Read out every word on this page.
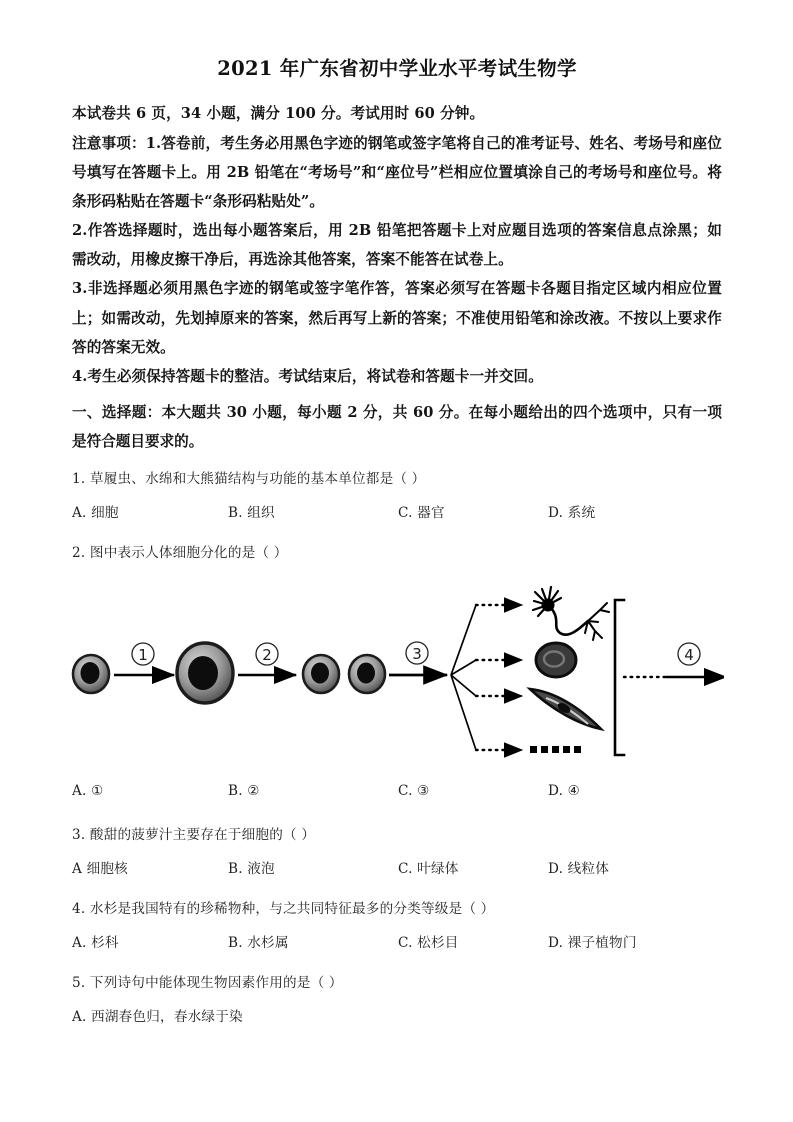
2021 年广东省初中学业水平考试生物学

本试卷共 6 页，34 小题，满分 100 分。考试用时 60 分钟。

注意事项：1.答卷前，考生务必用黑色字迹的钢笔或签字笔将自己的准考证号、姓名、考场号和座位号填写在答题卡上。用 2B 铅笔在“考场号”和“座位号”栏相应位置填涂自己的考场号和座位号。将条形码粘贴在答题卡“条形码粘贴处”。

2.作答选择题时，选出每小题答案后，用 2B 铅笔把答题卡上对应题目选项的答案信息点涂黑；如需改动，用橡皮擦干净后，再选涂其他答案，答案不能答在试卷上。

3.非选择题必须用黑色字迹的钢笔或签字笔作答，答案必须写在答题卡各题目指定区域内相应位置上；如需改动，先划掉原来的答案，然后再写上新的答案；不准使用铅笔和涂改液。不按以上要求作答的答案无效。

4.考生必须保持答题卡的整洁。考试结束后，将试卷和答题卡一并交回。

一、选择题：本大题共 30 小题，每小题 2 分，共 60 分。在每小题给出的四个选项中，只有一项是符合题目要求的。

1. 草履虫、水绵和大熊猫结构与功能的基本单位都是（ ）

A. 细胞	B. 组织	C. 器官	D. 系统

2. 图中表示人体细胞分化的是（ ）

1	2	3	4
A. ①	B. ②	C. ③	D. ④

3. 酸甜的菠萝汁主要存在于细胞的（ ）

A 细胞核	B. 液泡	C. 叶绿体	D. 线粒体

4. 水杉是我国特有的珍稀物种，与之共同特征最多的分类等级是（ ）

A. 杉科	B. 水杉属	C. 松杉目	D. 裸子植物门

5. 下列诗句中能体现生物因素作用的是（ ）

A. 西湖春色归，春水绿于染
